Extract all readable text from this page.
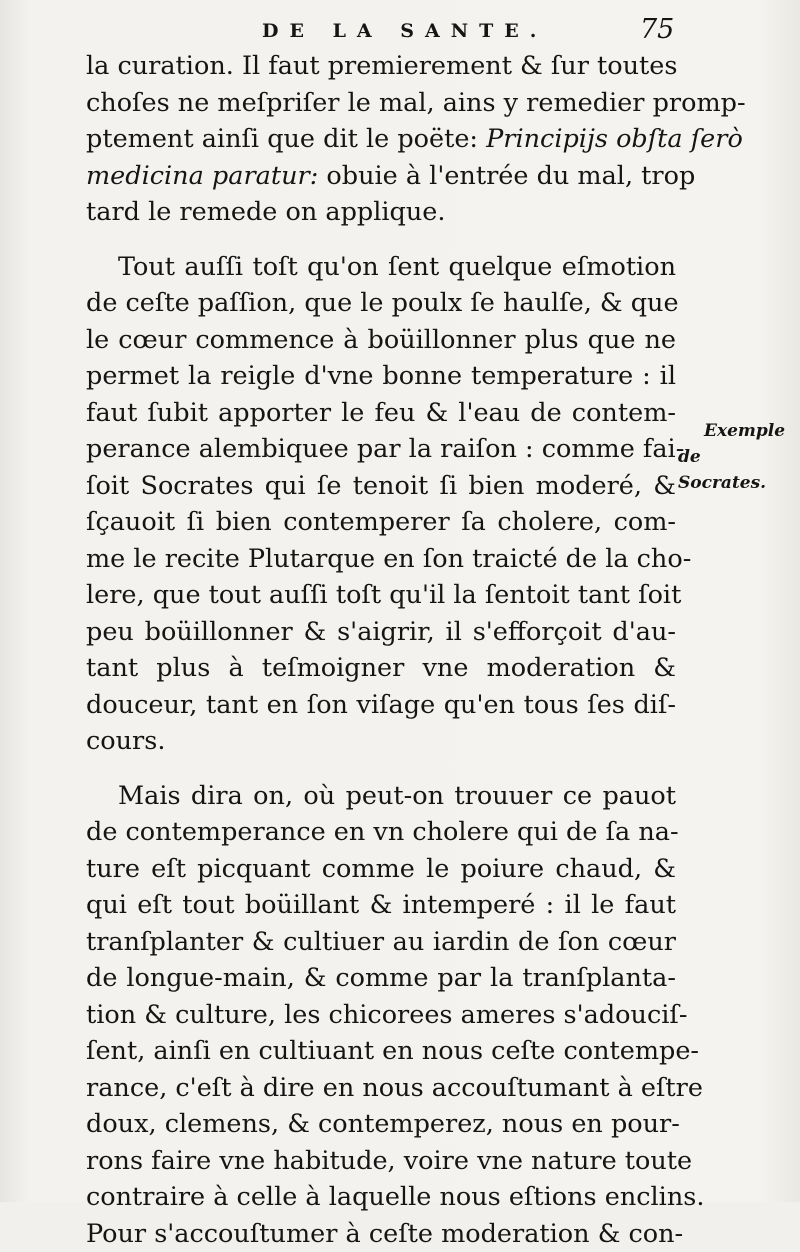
DE LA SANTE.	75
la curation. Il faut premierement & ſur toutes
choſes ne meſpriſer le mal, ains y remedier promp-
ptement ainſi que dit le poëte: Principijs obſta ſerò
medicina paratur: obuie à l'entrée du mal, trop
tard le remede on applique.
Tout auſſi toſt qu'on ſent quelque eſmotion
de ceſte paſſion, que le poulx ſe haulſe, & que
le cœur commence à boüillonner plus que ne
permet la reigle d'vne bonne temperature : il
faut ſubit apporter le feu & l'eau de contem-
perance alembiquee par la raiſon : comme fai-
ſoit Socrates qui ſe tenoit ſi bien moderé, &
ſçauoit ſi bien contemperer ſa cholere, com-
me le recite Plutarque en ſon traicté de la cho-
lere, que tout auſſi toſt qu'il la ſentoit tant ſoit
peu boüillonner & s'aigrir, il s'efforçoit d'au-
tant plus à teſmoigner vne moderation &
douceur, tant en ſon viſage qu'en tous ſes diſ-
cours.
Mais dira on, où peut-on trouuer ce pauot
de contemperance en vn cholere qui de ſa na-
ture eſt picquant comme le poiure chaud, &
qui eſt tout boüillant & intemperé : il le faut
tranſplanter & cultiuer au iardin de ſon cœur
de longue-main, & comme par la tranſplanta-
tion & culture, les chicorees ameres s'adouciſ-
ſent, ainſi en cultiuant en nous ceſte contempe-
rance, c'eſt à dire en nous accouſtumant à eſtre
doux, clemens, & contemperez, nous en pour-
rons faire vne habitude, voire vne nature toute
contraire à celle à laquelle nous eſtions enclins.
Pour s'accouſtumer à ceſte moderation & con-
Exemple
de Socrates.
